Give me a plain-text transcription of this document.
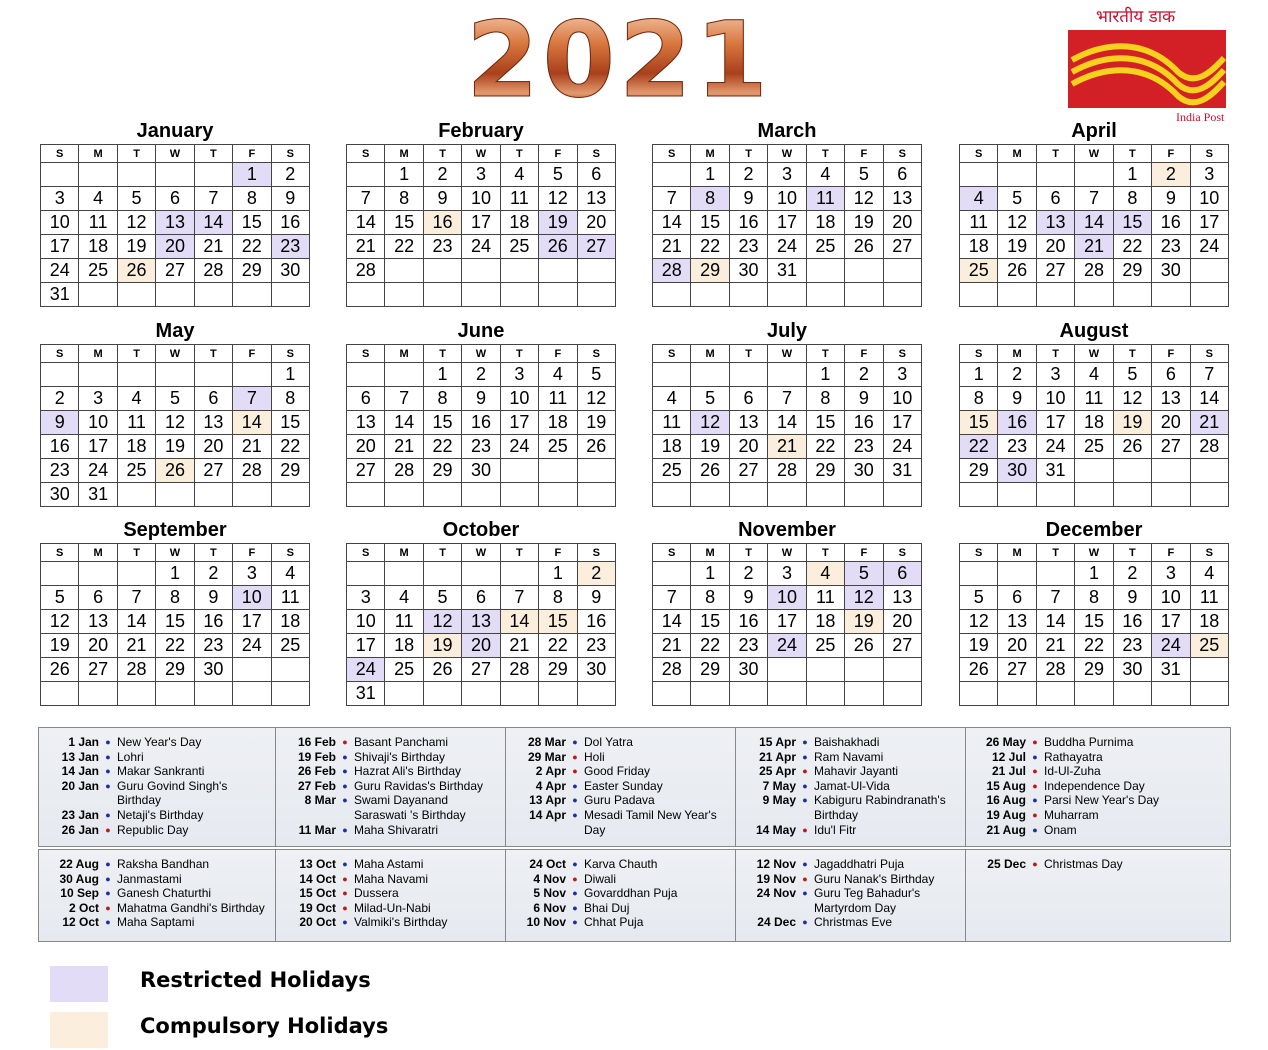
2 0 2 1	भारतीय डाक
India Post
January
S	M	T	W	T	F	S
					1	2
3	4	5	6	7	8	9
10	11	12	13	14	15	16
17	18	19	20	21	22	23
24	25	26	27	28	29	30
31						
February
S	M	T	W	T	F	S
	1	2	3	4	5	6
7	8	9	10	11	12	13
14	15	16	17	18	19	20
21	22	23	24	25	26	27
28						

March
S	M	T	W	T	F	S
	1	2	3	4	5	6
7	8	9	10	11	12	13
14	15	16	17	18	19	20
21	22	23	24	25	26	27
28	29	30	31			

April
S	M	T	W	T	F	S
				1	2	3
4	5	6	7	8	9	10
11	12	13	14	15	16	17
18	19	20	21	22	23	24
25	26	27	28	29	30	

May
S	M	T	W	T	F	S
						1
2	3	4	5	6	7	8
9	10	11	12	13	14	15
16	17	18	19	20	21	22
23	24	25	26	27	28	29
30	31					
June
S	M	T	W	T	F	S
		1	2	3	4	5
6	7	8	9	10	11	12
13	14	15	16	17	18	19
20	21	22	23	24	25	26
27	28	29	30			

July
S	M	T	W	T	F	S
				1	2	3
4	5	6	7	8	9	10
11	12	13	14	15	16	17
18	19	20	21	22	23	24
25	26	27	28	29	30	31

August
S	M	T	W	T	F	S
1	2	3	4	5	6	7
8	9	10	11	12	13	14
15	16	17	18	19	20	21
22	23	24	25	26	27	28
29	30	31				

September
S	M	T	W	T	F	S
			1	2	3	4
5	6	7	8	9	10	11
12	13	14	15	16	17	18
19	20	21	22	23	24	25
26	27	28	29	30		

October
S	M	T	W	T	F	S
					1	2
3	4	5	6	7	8	9
10	11	12	13	14	15	16
17	18	19	20	21	22	23
24	25	26	27	28	29	30
31						
November
S	M	T	W	T	F	S
	1	2	3	4	5	6
7	8	9	10	11	12	13
14	15	16	17	18	19	20
21	22	23	24	25	26	27
28	29	30				

December
S	M	T	W	T	F	S
			1	2	3	4
5	6	7	8	9	10	11
12	13	14	15	16	17	18
19	20	21	22	23	24	25
26	27	28	29	30	31	

1 Jan ● New Year's Day
13 Jan ● Lohri
14 Jan ● Makar Sankranti
20 Jan ● Guru Govind Singh's Birthday
23 Jan ● Netaji's Birthday
26 Jan ● Republic Day
16 Feb ● Basant Panchami
19 Feb ● Shivaji's Birthday
26 Feb ● Hazrat Ali's Birthday
27 Feb ● Guru Ravidas's Birthday
8 Mar ● Swami Dayanand Saraswati 's Birthday
11 Mar ● Maha Shivaratri
28 Mar ● Dol Yatra
29 Mar ● Holi
2 Apr ● Good Friday
4 Apr ● Easter Sunday
13 Apr ● Guru Padava
14 Apr ● Mesadi Tamil New Year's Day
15 Apr ● Baishakhadi
21 Apr ● Ram Navami
25 Apr ● Mahavir Jayanti
7 May ● Jamat-Ul-Vida
9 May ● Kabiguru Rabindranath's Birthday
14 May ● Idu'l Fitr
26 May ● Buddha Purnima
12 Jul ● Rathayatra
21 Jul ● Id-Ul-Zuha
15 Aug ● Independence Day
16 Aug ● Parsi New Year's Day
19 Aug ● Muharram
21 Aug ● Onam
22 Aug ● Raksha Bandhan
30 Aug ● Janmastami
10 Sep ● Ganesh Chaturthi
2 Oct ● Mahatma Gandhi's Birthday
12 Oct ● Maha Saptami
13 Oct ● Maha Astami
14 Oct ● Maha Navami
15 Oct ● Dussera
19 Oct ● Milad-Un-Nabi
20 Oct ● Valmiki's Birthday
24 Oct ● Karva Chauth
4 Nov ● Diwali
5 Nov ● Govarddhan Puja
6 Nov ● Bhai Duj
10 Nov ● Chhat Puja
12 Nov ● Jagaddhatri Puja
19 Nov ● Guru Nanak's Birthday
24 Nov ● Guru Teg Bahadur's Martyrdom Day
24 Dec ● Christmas Eve
25 Dec ● Christmas Day
Restricted Holidays
Compulsory Holidays
